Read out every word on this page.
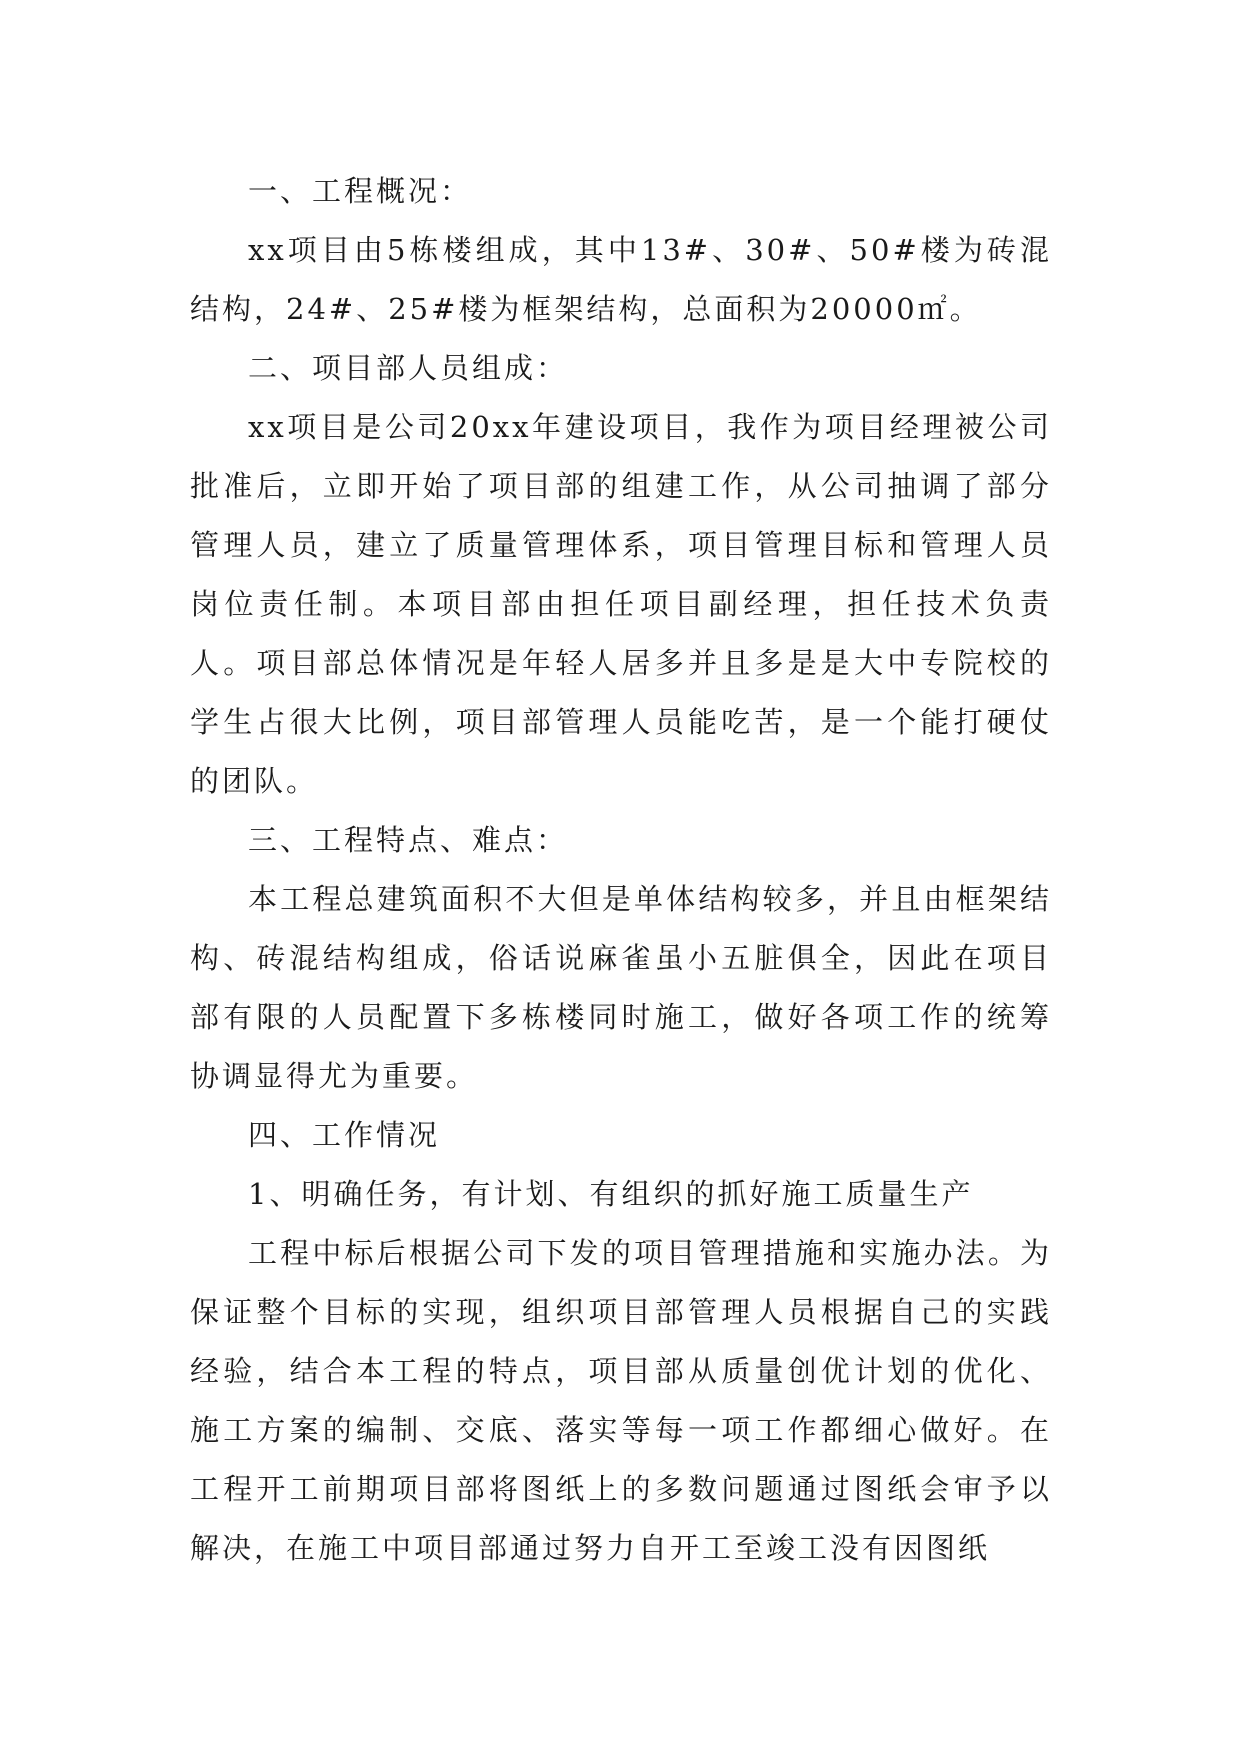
一、工程概况：

xx项目由5栋楼组成，其中13#、30#、50#楼为砖混结构，24#、25#楼为框架结构，总面积为20000㎡。

二、项目部人员组成：

xx项目是公司20xx年建设项目，我作为项目经理被公司批准后，立即开始了项目部的组建工作，从公司抽调了部分管理人员，建立了质量管理体系，项目管理目标和管理人员岗位责任制。本项目部由担任项目副经理，担任技术负责人。项目部总体情况是年轻人居多并且多是是大中专院校的学生占很大比例，项目部管理人员能吃苦，是一个能打硬仗的团队。

三、工程特点、难点：

本工程总建筑面积不大但是单体结构较多，并且由框架结构、砖混结构组成，俗话说麻雀虽小五脏俱全，因此在项目部有限的人员配置下多栋楼同时施工，做好各项工作的统筹协调显得尤为重要。

四、工作情况

1、明确任务，有计划、有组织的抓好施工质量生产

工程中标后根据公司下发的项目管理措施和实施办法。为保证整个目标的实现，组织项目部管理人员根据自己的实践经验，结合本工程的特点，项目部从质量创优计划的优化、施工方案的编制、交底、落实等每一项工作都细心做好。在工程开工前期项目部将图纸上的多数问题通过图纸会审予以解决，在施工中项目部通过努力自开工至竣工没有因图纸
